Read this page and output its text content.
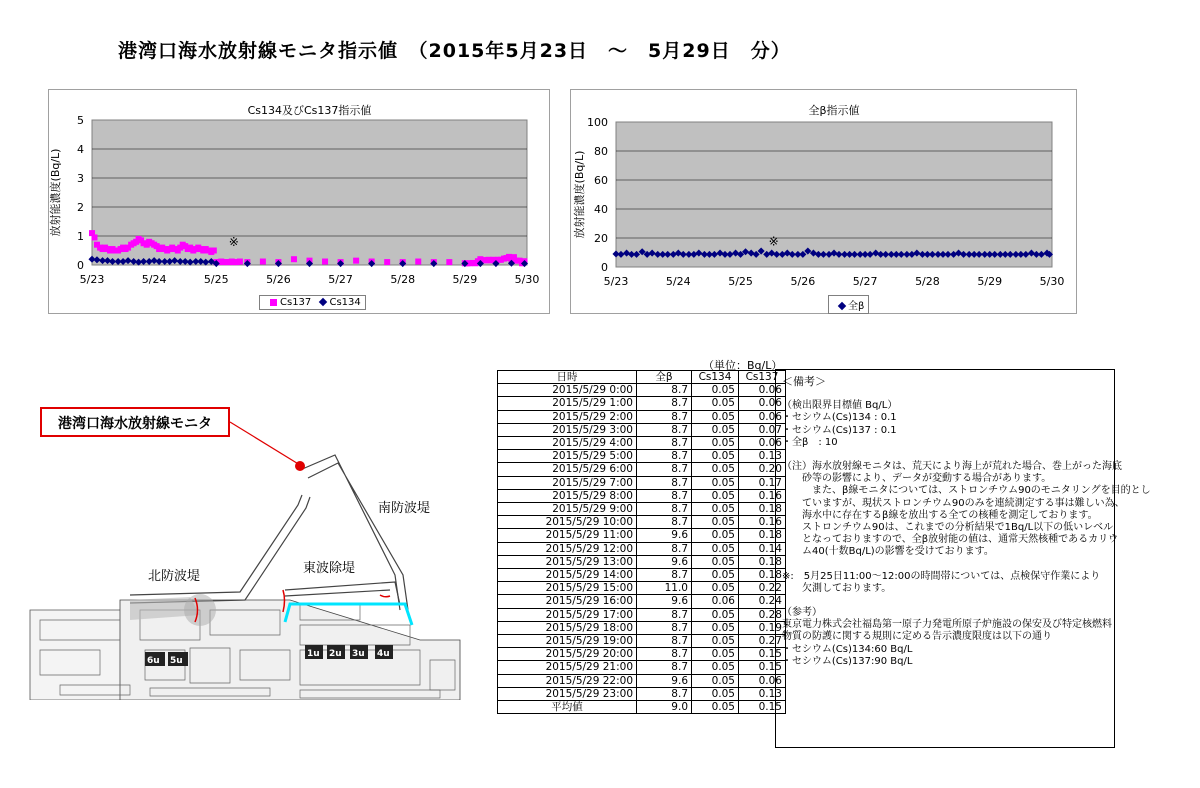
港湾口海水放射線モニタ指示値　（2015年5月23日　～　5月29日　分）
Cs134及びCs137指示値
0
1
2
3
4
5
5/23	5/24	5/25	5/26	5/27	5/28	5/29	5/30
放射能濃度(Bq/L)
※
Cs137 Cs134
全β指示値
0
20
40
60
80
100
5/23	5/24	5/25	5/26	5/27	5/28	5/29	5/30
放射能濃度(Bq/L)
※
全β
6u 5u
1u 2u 3u 4u
南防波堤
北防波堤
東波除堤
港湾口海水放射線モニタ
（単位：Bq/L）
日時	全β	Cs134	Cs137
2015/5/29 0:00	8.7	0.05	0.06
2015/5/29 1:00	8.7	0.05	0.06
2015/5/29 2:00	8.7	0.05	0.06
2015/5/29 3:00	8.7	0.05	0.07
2015/5/29 4:00	8.7	0.05	0.06
2015/5/29 5:00	8.7	0.05	0.13
2015/5/29 6:00	8.7	0.05	0.20
2015/5/29 7:00	8.7	0.05	0.17
2015/5/29 8:00	8.7	0.05	0.16
2015/5/29 9:00	8.7	0.05	0.18
2015/5/29 10:00	8.7	0.05	0.16
2015/5/29 11:00	9.6	0.05	0.18
2015/5/29 12:00	8.7	0.05	0.14
2015/5/29 13:00	9.6	0.05	0.18
2015/5/29 14:00	8.7	0.05	0.18
2015/5/29 15:00	11.0	0.05	0.22
2015/5/29 16:00	9.6	0.06	0.24
2015/5/29 17:00	8.7	0.05	0.28
2015/5/29 18:00	8.7	0.05	0.19
2015/5/29 19:00	8.7	0.05	0.27
2015/5/29 20:00	8.7	0.05	0.15
2015/5/29 21:00	8.7	0.05	0.15
2015/5/29 22:00	9.6	0.05	0.06
2015/5/29 23:00	8.7	0.05	0.13
平均値	9.0	0.05	0.15

＜備考＞

（検出限界目標値 Bq/L）

・セシウム(Cs)134 : 0.1

・セシウム(Cs)137 : 0.1

・全β　: 10

（注）海水放射線モニタは、荒天により海上が荒れた場合、巻上がった海底

　　砂等の影響により、データが変動する場合があります。

　　　また、β線モニタについては、ストロンチウム90のモニタリングを目的とし

　　ていますが、現状ストロンチウム90のみを連続測定する事は難しい為、

　　海水中に存在するβ線を放出する全ての核種を測定しております。

　　ストロンチウム90は、これまでの分析結果で1Bq/L以下の低いレベル

　　となっておりますので、全β放射能の値は、通常天然核種であるカリウ

　　ム40(十数Bq/L)の影響を受けております。

※:　5月25日11:00～12:00の時間帯については、点検保守作業により

　　欠測しております。

（参考）

東京電力株式会社福島第一原子力発電所原子炉施設の保安及び特定核燃料

物質の防護に関する規則に定める告示濃度限度は以下の通り

・セシウム(Cs)134:60 Bq/L

・セシウム(Cs)137:90 Bq/L
